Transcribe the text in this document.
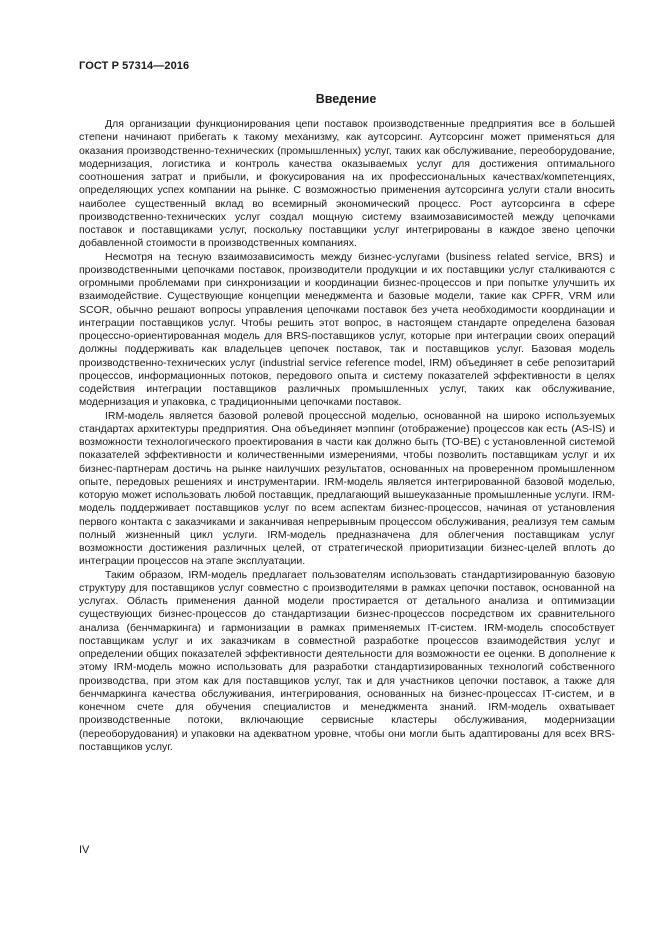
ГОСТ Р 57314—2016
Введение

Для организации функционирования цепи поставок производственные предприятия все в большей степени начинают прибегать к такому механизму, как аутсорсинг. Аутсорсинг может применяться для оказания производственно-технических (промышленных) услуг, таких как обслуживание, переоборудование, модернизация, логистика и контроль качества оказываемых услуг для достижения оптимального соотношения затрат и прибыли, и фокусирования на их профессиональных качествах/компетенциях, определяющих успех компании на рынке. С возможностью применения аутсорсинга услуги стали вносить наиболее существенный вклад во всемирный экономический процесс. Рост аутсорсинга в сфере производственно-технических услуг создал мощную систему взаимозависимостей между цепочками поставок и поставщиками услуг, поскольку поставщики услуг интегрированы в каждое звено цепочки добавленной стоимости в производственных компаниях.

Несмотря на тесную взаимозависимость между бизнес-услугами (business related service, BRS) и производственными цепочками поставок, производители продукции и их поставщики услуг сталкиваются с огромными проблемами при синхронизации и координации бизнес-процессов и при попытке улучшить их взаимодействие. Существующие концепции менеджмента и базовые модели, такие как CPFR, VRM или SCOR, обычно решают вопросы управления цепочками поставок без учета необходимости координации и интеграции поставщиков услуг. Чтобы решить этот вопрос, в настоящем стандарте определена базовая процессно-ориентированная модель для BRS-поставщиков услуг, которые при интеграции своих операций должны поддерживать как владельцев цепочек поставок, так и поставщиков услуг. Базовая модель производственно-технических услуг (industrial service reference model, IRM) объединяет в себе репозитарий процессов, информационных потоков, передового опыта и систему показателей эффективности в целях содействия интеграции поставщиков различных промышленных услуг, таких как обслуживание, модернизация и упаковка, с традиционными цепочками поставок.

IRM-модель является базовой ролевой процессной моделью, основанной на широко используемых стандартах архитектуры предприятия. Она объединяет мэппинг (отображение) процессов как есть (AS-IS) и возможности технологического проектирования в части как должно быть (TO-BE) с установленной системой показателей эффективности и количественными измерениями, чтобы позволить поставщикам услуг и их бизнес-партнерам достичь на рынке наилучших результатов, основанных на проверенном промышленном опыте, передовых решениях и инструментарии. IRM-модель является интегрированной базовой моделью, которую может использовать любой поставщик, предлагающий вышеуказанные промышленные услуги. IRM-модель поддерживает поставщиков услуг по всем аспектам бизнес-процессов, начиная от установления первого контакта с заказчиками и заканчивая непрерывным процессом обслуживания, реализуя тем самым полный жизненный цикл услуги. IRM-модель предназначена для облегчения поставщикам услуг возможности достижения различных целей, от стратегической приоритизации бизнес-целей вплоть до интеграции процессов на этапе эксплуатации.

Таким образом, IRM-модель предлагает пользователям использовать стандартизированную базовую структуру для поставщиков услуг совместно с производителями в рамках цепочки поставок, основанной на услугах. Область применения данной модели простирается от детального анализа и оптимизации существующих бизнес-процессов до стандартизации бизнес-процессов посредством их сравнительного анализа (бенчмаркинга) и гармонизации в рамках применяемых IT-систем. IRM-модель способствует поставщикам услуг и их заказчикам в совместной разработке процессов взаимодействия услуг и определении общих показателей эффективности деятельности для возможности ее оценки. В дополнение к этому IRM-модель можно использовать для разработки стандартизированных технологий собственного производства, при этом как для поставщиков услуг, так и для участников цепочки поставок, а также для бенчмаркинга качества обслуживания, интегрирования, основанных на бизнес-процессах IT-систем, и в конечном счете для обучения специалистов и менеджмента знаний. IRM-модель охватывает производственные потоки, включающие сервисные кластеры обслуживания, модернизации (переоборудования) и упаковки на адекватном уровне, чтобы они могли быть адаптированы для всех BRS-поставщиков услуг.

IV
